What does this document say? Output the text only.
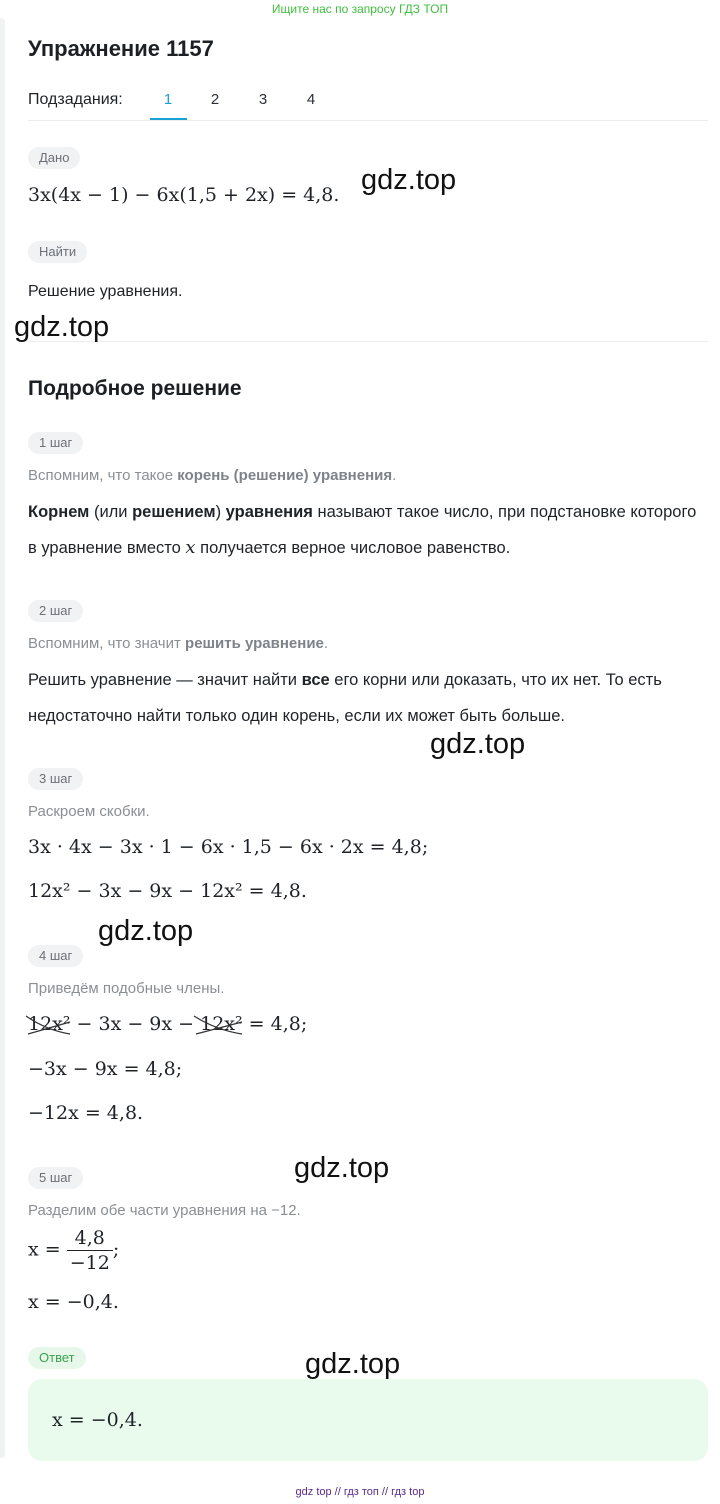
Ищите нас по запросу ГДЗ ТОП
Упражнение 1157
Подзадания:	1	2	3	4
Дано
3x(4x − 1) − 6x(1,5 + 2x) = 4,8.
Найти
Решение уравнения.
Подробное решение
1 шаг
Вспомним, что такое корень (решение) уравнения.
Корнем (или решением) уравнения называют такое число, при подстановке которого в уравнение вместо x получается верное числовое равенство.
2 шаг
Вспомним, что значит решить уравнение.
Решить уравнение — значит найти все его корни или доказать, что их нет. То есть недостаточно найти только один корень, если их может быть больше.
3 шаг
Раскроем скобки.
3x · 4x − 3x · 1 − 6x · 1,5 − 6x · 2x = 4,8;
12x² − 3x − 9x − 12x² = 4,8.
4 шаг
Приведём подобные члены.
12x² − 3x − 9x − 12x² = 4,8;
−3x − 9x = 4,8;
−12x = 4,8.
5 шаг
Разделим обе части уравнения на −12.
$x = \frac{4,8}{-12}$ ;
x = −0,4.
Ответ
x = −0,4.
gdz.top
gdz.top
gdz.top
gdz.top
gdz.top
gdz.top
gdz top // гдз топ // гдз top
